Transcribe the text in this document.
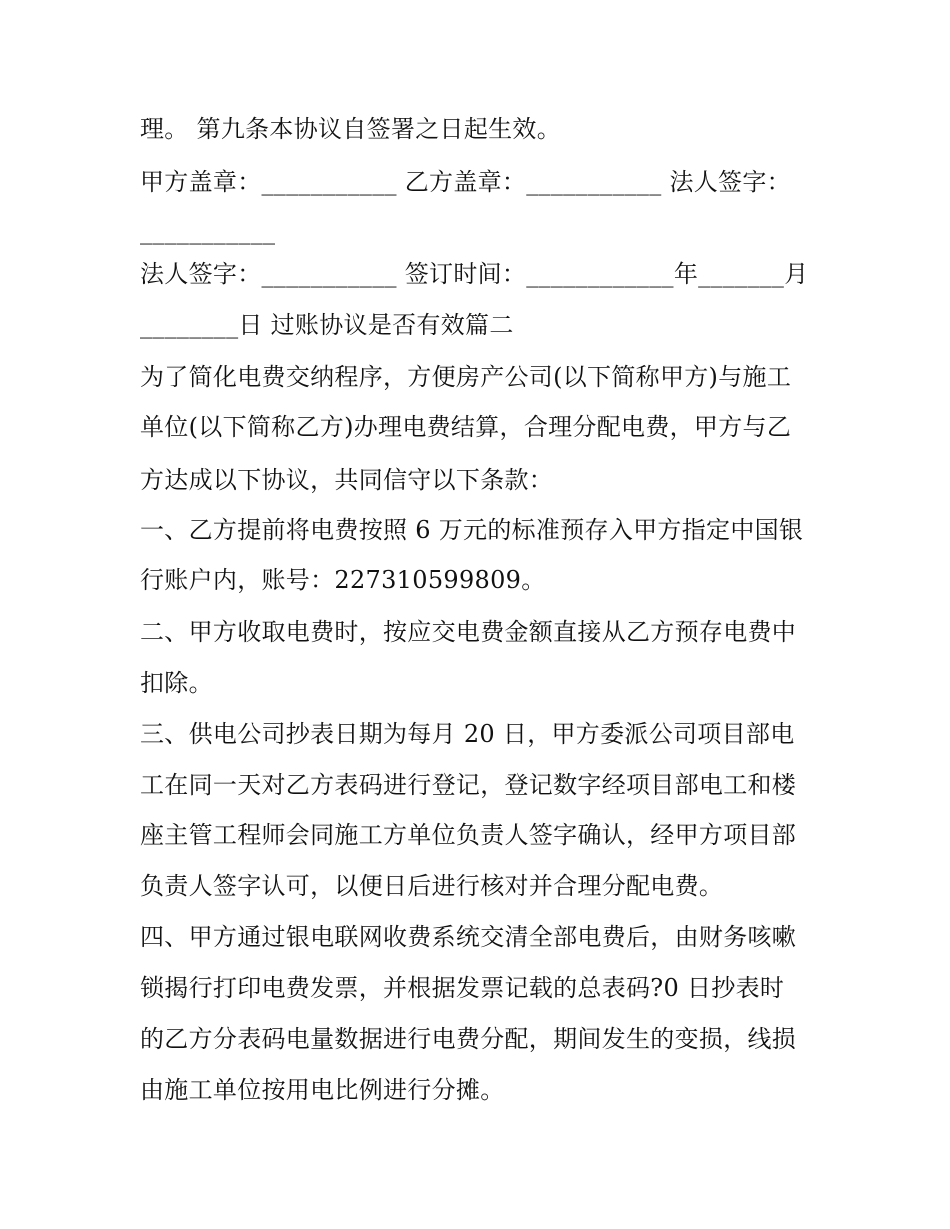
理。 第九条本协议自签署之日起生效。

甲方盖章：___________ 乙方盖章：___________ 法人签字：

___________

法人签字：___________ 签订时间：____________年_______月

________日 过账协议是否有效篇二

为了简化电费交纳程序，方便房产公司(以下简称甲方)与施工

单位(以下简称乙方)办理电费结算，合理分配电费，甲方与乙

方达成以下协议，共同信守以下条款：

一、乙方提前将电费按照 6 万元的标准预存入甲方指定中国银

行账户内，账号：227310599809。

二、甲方收取电费时，按应交电费金额直接从乙方预存电费中

扣除。

三、供电公司抄表日期为每月 20 日，甲方委派公司项目部电

工在同一天对乙方表码进行登记，登记数字经项目部电工和楼

座主管工程师会同施工方单位负责人签字确认，经甲方项目部

负责人签字认可，以便日后进行核对并合理分配电费。

四、甲方通过银电联网收费系统交清全部电费后，由财务咳嗽

锁揭行打印电费发票，并根据发票记载的总表码?0 日抄表时

的乙方分表码电量数据进行电费分配，期间发生的变损，线损

由施工单位按用电比例进行分摊。
